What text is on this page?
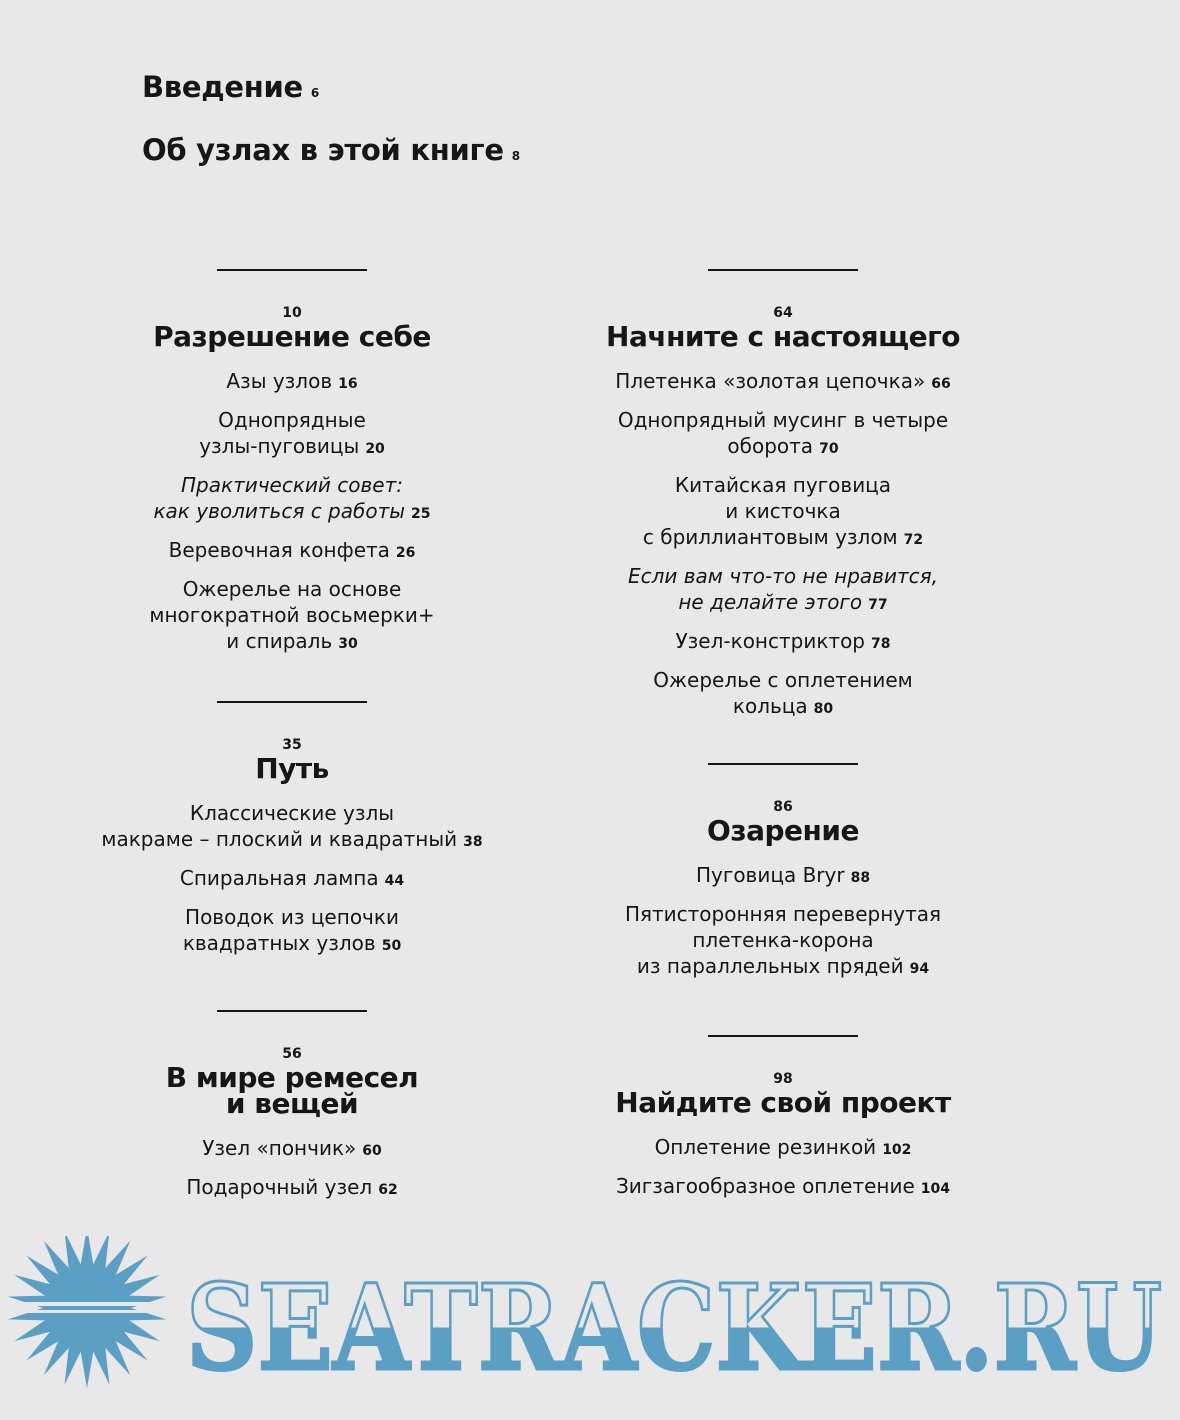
Введение 6
Об узлах в этой книге 8
10
Разрешение себе
Азы узлов 16
Однопрядные
узлы-пуговицы 20
Практический совет:
как уволиться с работы 25
Веревочная конфета 26
Ожерелье на основе
многократной восьмерки+
и спираль 30
35
Путь
Классические узлы
макраме – плоский и квадратный 38
Спиральная лампа 44
Поводок из цепочки
квадратных узлов 50
56
В мире ремесел
и вещей
Узел «пончик» 60
Подарочный узел 62
64
Начните с настоящего
Плетенка «золотая цепочка» 66
Однопрядный мусинг в четыре
оборота 70
Китайская пуговица
и кисточка
с бриллиантовым узлом 72
Если вам что-то не нравится,
не делайте этого 77
Узел-констриктор 78
Ожерелье с оплетением
кольца 80
86
Озарение
Пуговица Bryr 88
Пятисторонняя перевернутая
плетенка-корона
из параллельных прядей 94
98
Найдите свой проект
Оплетение резинкой 102
Зигзагообразное оплетение 104
SEATRACKER.RU
